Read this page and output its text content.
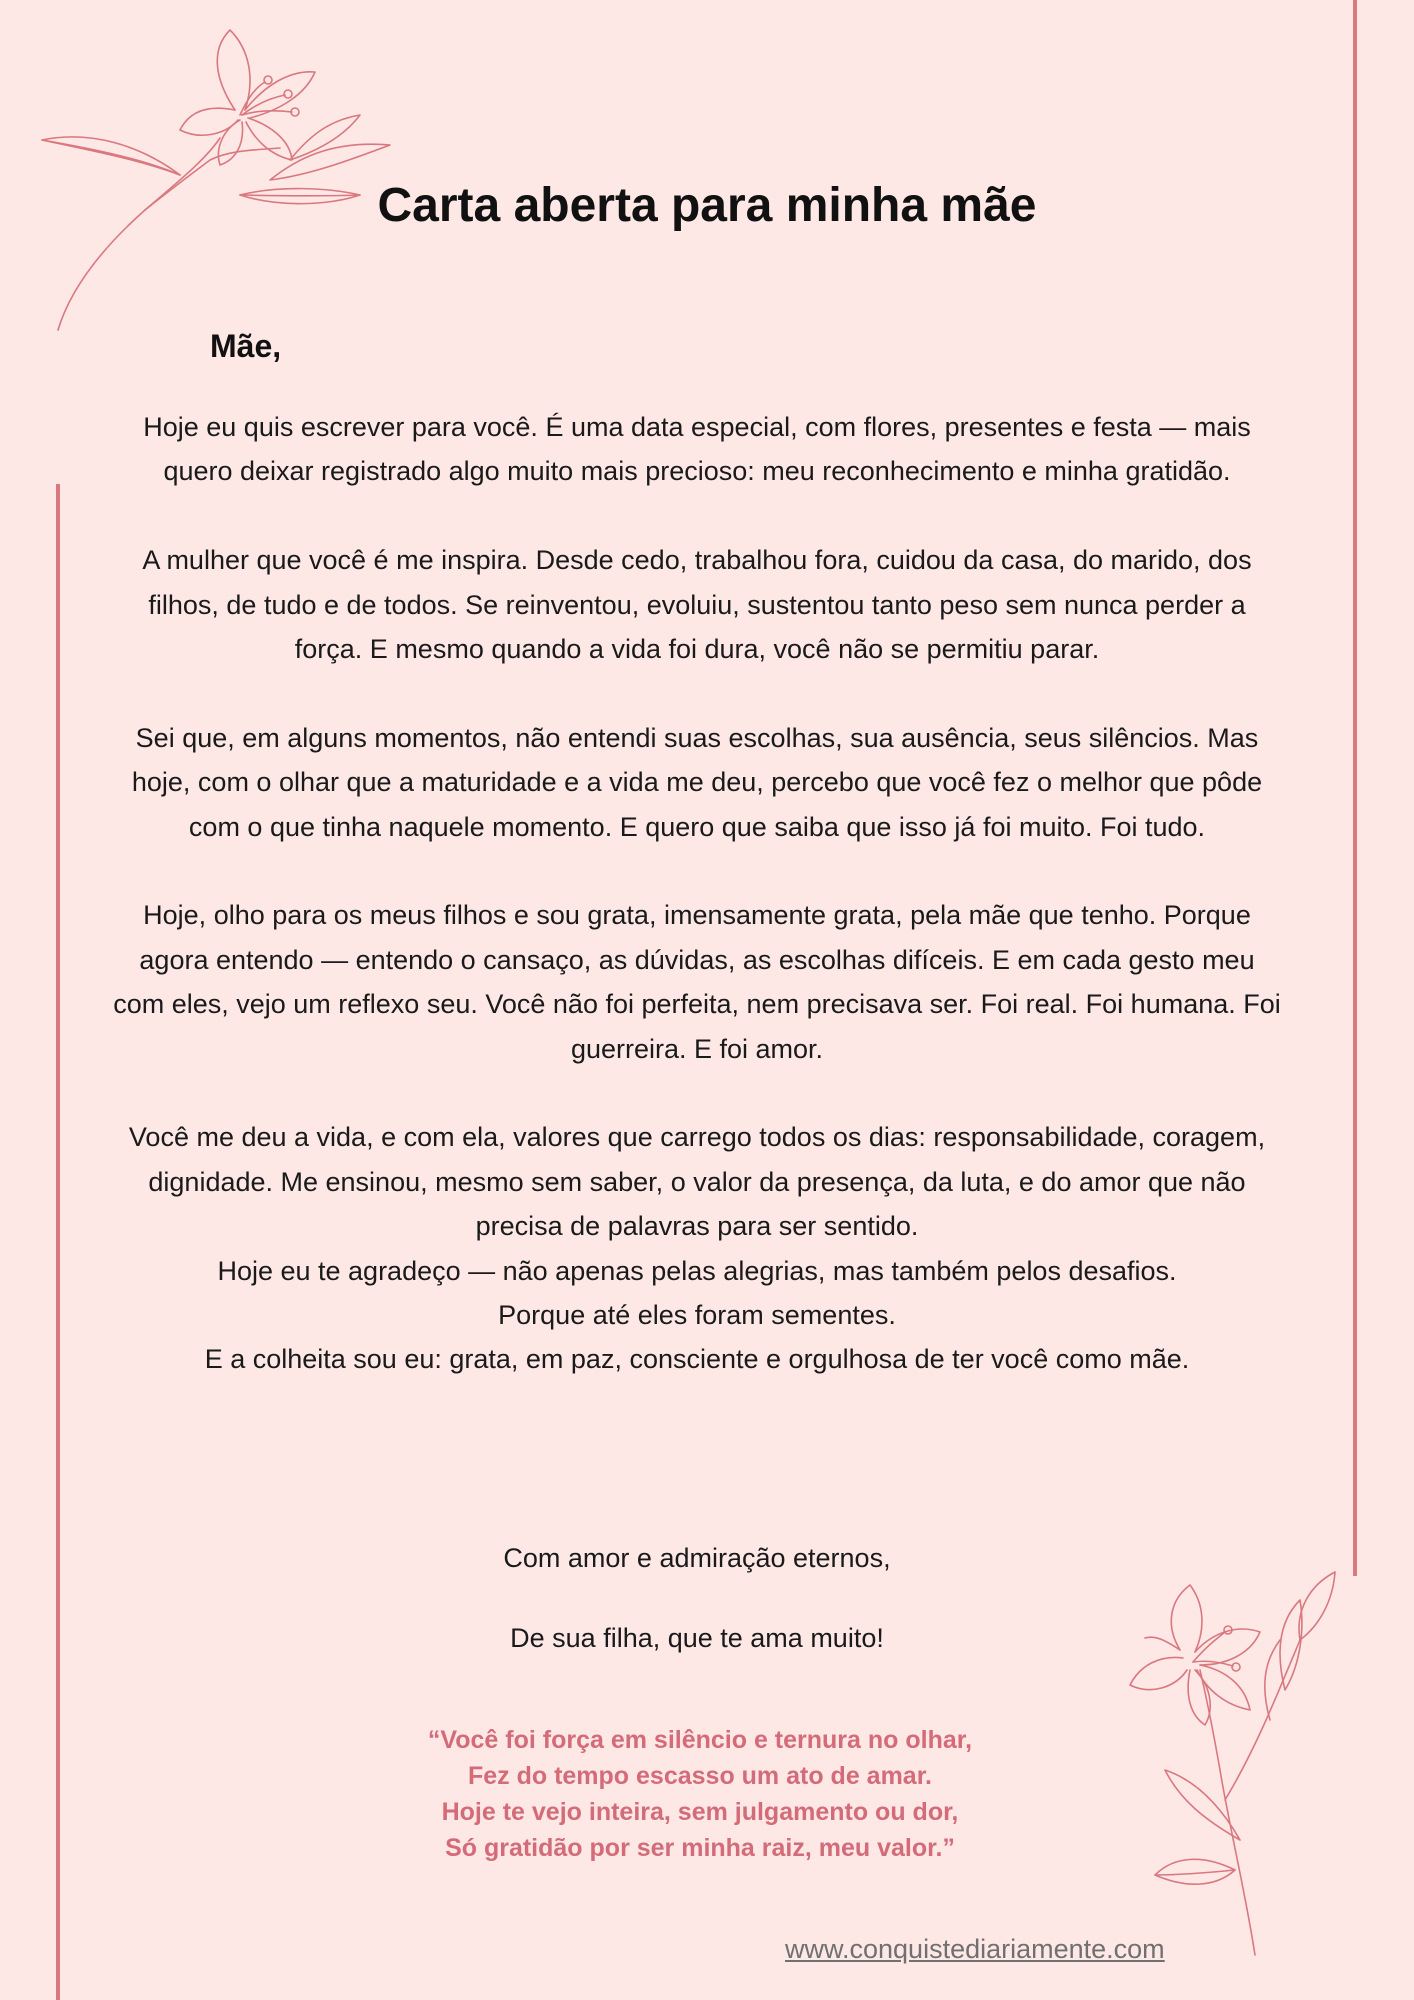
Carta aberta para minha mãe
Mãe,

Hoje eu quis escrever para você. É uma data especial, com flores, presentes e festa — mais quero deixar registrado algo muito mais precioso: meu reconhecimento e minha gratidão.

A mulher que você é me inspira. Desde cedo, trabalhou fora, cuidou da casa, do marido, dos filhos, de tudo e de todos. Se reinventou, evoluiu, sustentou tanto peso sem nunca perder a força. E mesmo quando a vida foi dura, você não se permitiu parar.

Sei que, em alguns momentos, não entendi suas escolhas, sua ausência, seus silêncios. Mas hoje, com o olhar que a maturidade e a vida me deu, percebo que você fez o melhor que pôde com o que tinha naquele momento. E quero que saiba que isso já foi muito. Foi tudo.

Hoje, olho para os meus filhos e sou grata, imensamente grata, pela mãe que tenho. Porque agora entendo — entendo o cansaço, as dúvidas, as escolhas difíceis. E em cada gesto meu com eles, vejo um reflexo seu. Você não foi perfeita, nem precisava ser. Foi real. Foi humana. Foi guerreira. E foi amor.

Você me deu a vida, e com ela, valores que carrego todos os dias: responsabilidade, coragem, dignidade. Me ensinou, mesmo sem saber, o valor da presença, da luta, e do amor que não precisa de palavras para ser sentido.

Hoje eu te agradeço — não apenas pelas alegrias, mas também pelos desafios.

Porque até eles foram sementes.

E a colheita sou eu: grata, em paz, consciente e orgulhosa de ter você como mãe.

Com amor e admiração eternos,
De sua filha, que te ama muito!
“Você foi força em silêncio e ternura no olhar,
Fez do tempo escasso um ato de amar.
Hoje te vejo inteira, sem julgamento ou dor,
Só gratidão por ser minha raiz, meu valor.”
www.conquistediariamente.com
